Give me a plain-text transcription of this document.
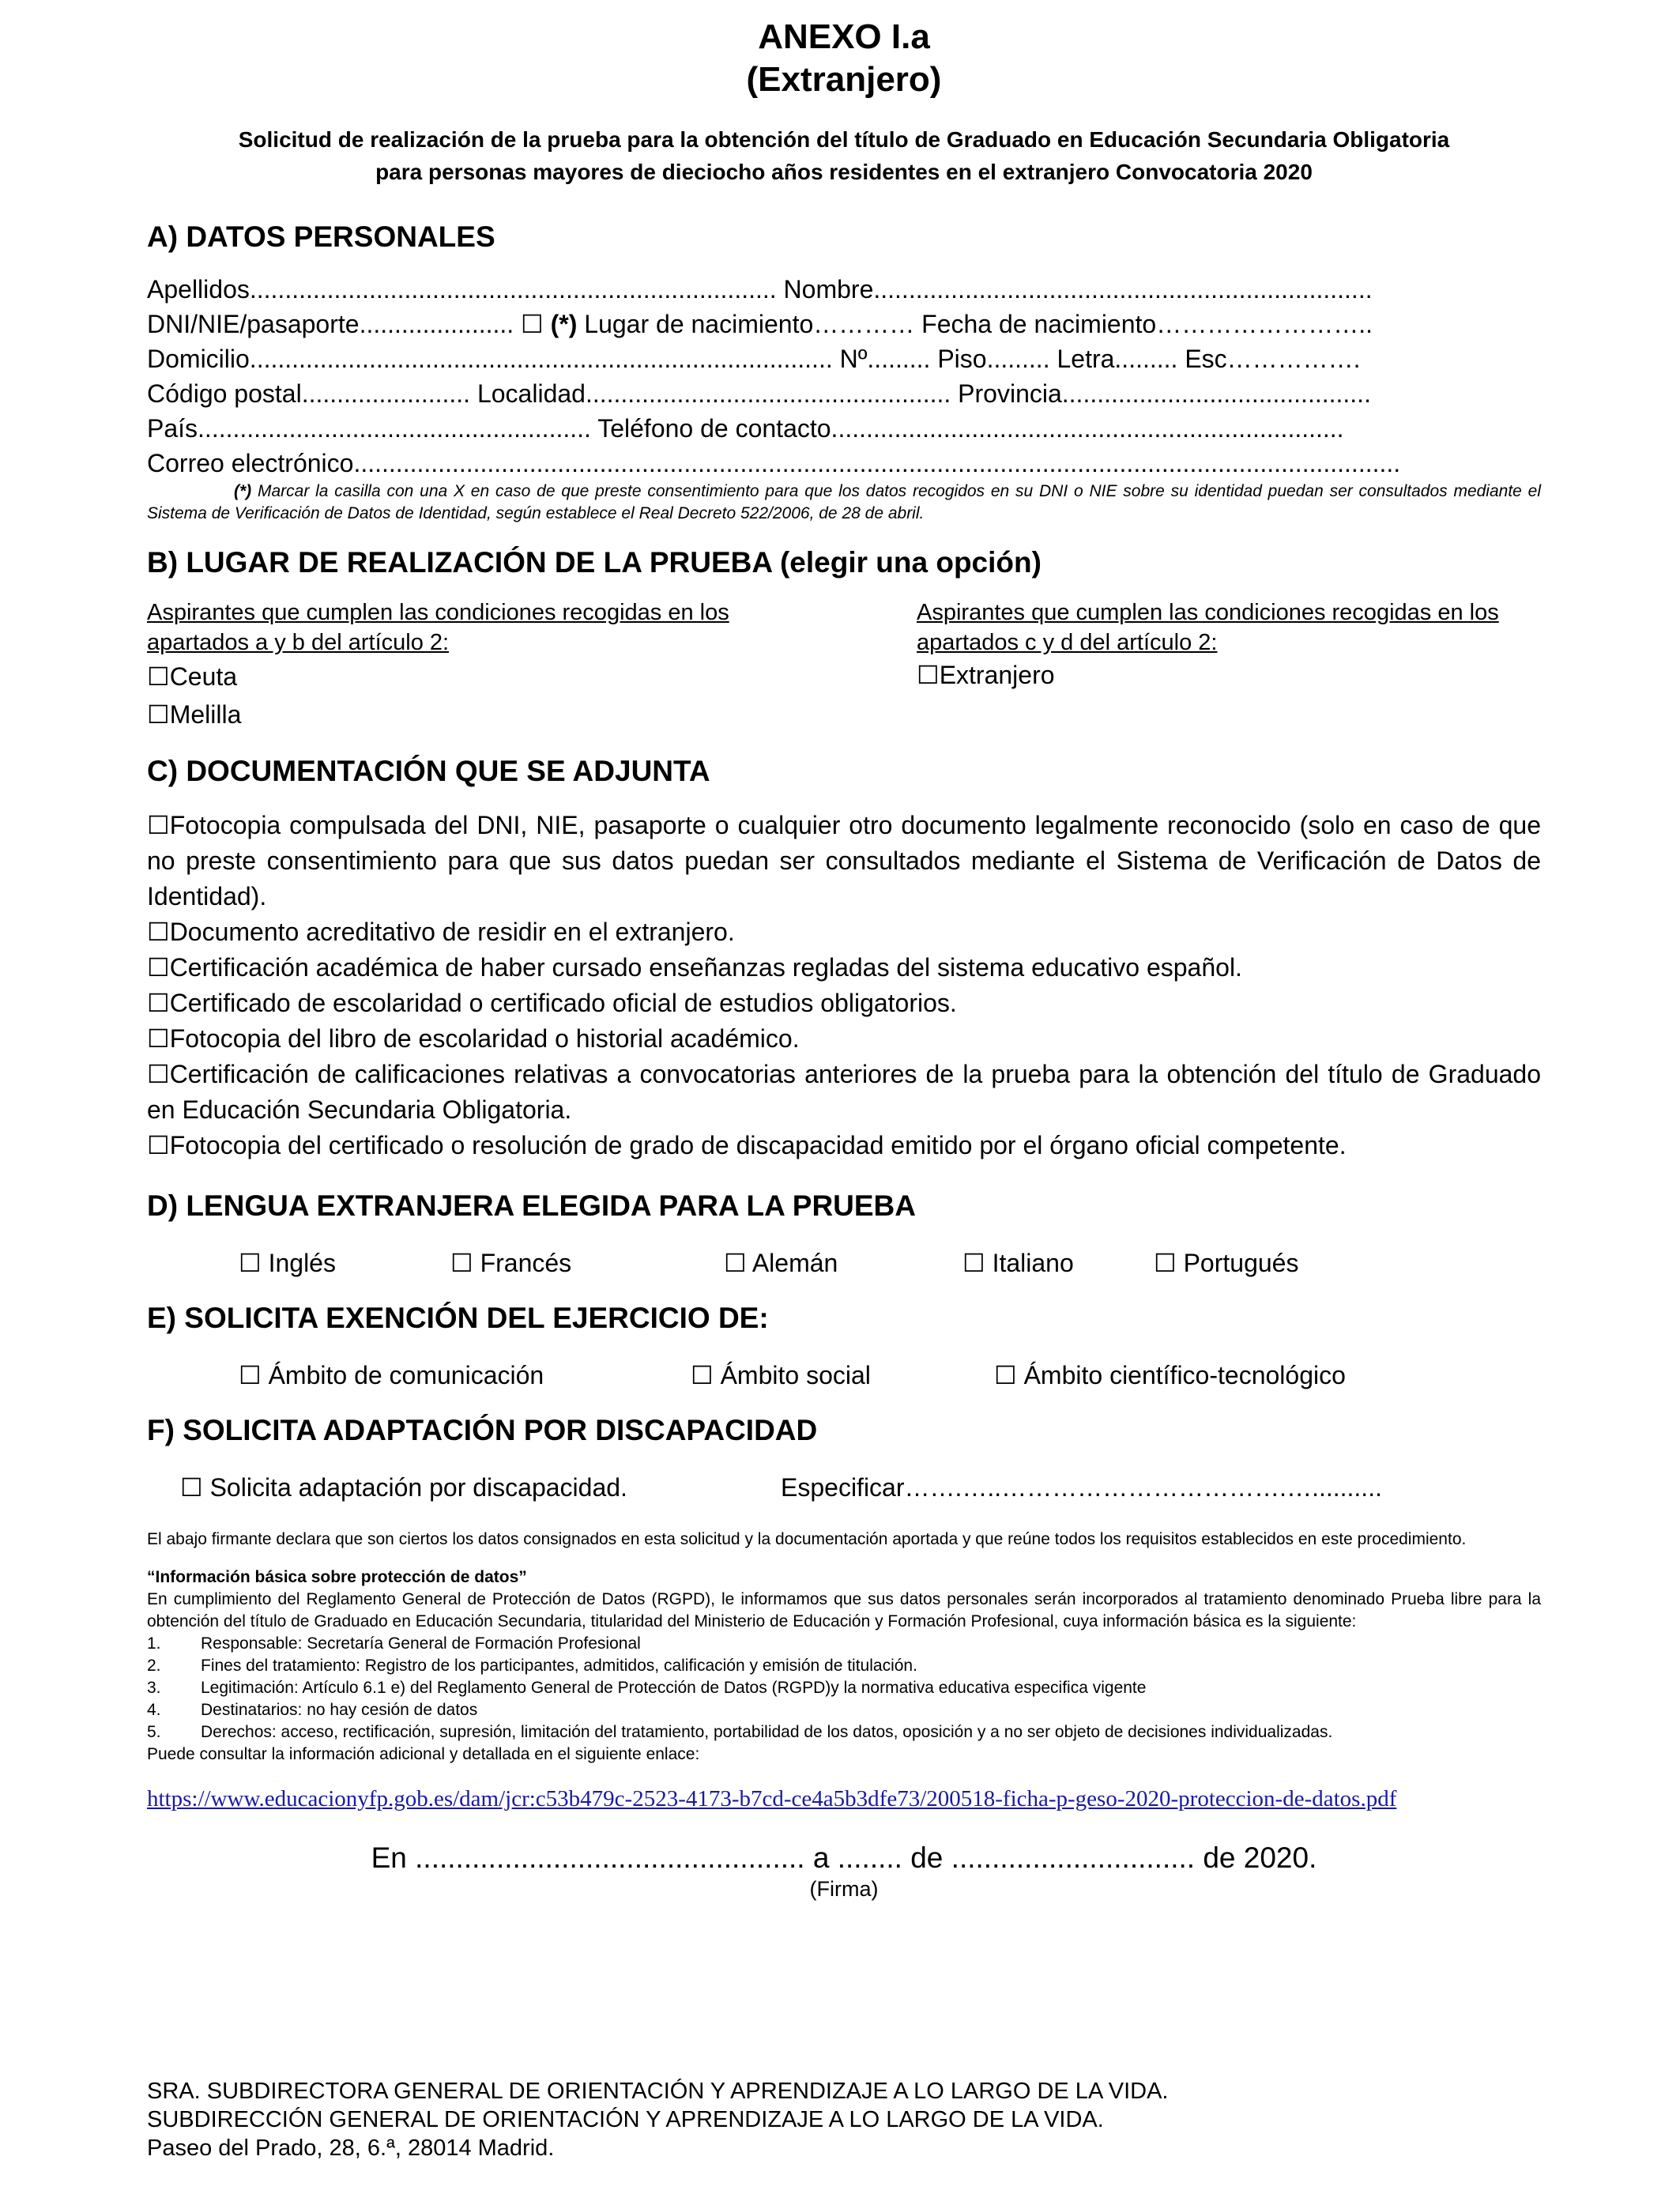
ANEXO I.a
(Extranjero)
Solicitud de realización de la prueba para la obtención del título de Graduado en Educación Secundaria Obligatoria
para personas mayores de dieciocho años residentes en el extranjero Convocatoria 2020
A) DATOS PERSONALES
Apellidos........................................................................... Nombre.......................................................................
DNI/NIE/pasaporte...................... ☐ (*) Lugar de nacimiento………… Fecha de nacimiento……………………..
Domicilio................................................................................... Nº......... Piso......... Letra......... Esc…………….
Código postal........................ Localidad.................................................... Provincia............................................
País........................................................ Teléfono de contacto.........................................................................
Correo electrónico.....................................................................................................................................................
(*) Marcar la casilla con una X en caso de que preste consentimiento para que los datos recogidos en su DNI o NIE sobre su identidad puedan ser consultados mediante el Sistema de Verificación de Datos de Identidad, según establece el Real Decreto 522/2006, de 28 de abril.
B) LUGAR DE REALIZACIÓN DE LA PRUEBA (elegir una opción)
Aspirantes que cumplen las condiciones recogidas en los apartados a y b del artículo 2:
☐Ceuta
☐Melilla
Aspirantes que cumplen las condiciones recogidas en los apartados c y d del artículo 2:
☐Extranjero
C) DOCUMENTACIÓN QUE SE ADJUNTA
☐Fotocopia compulsada del DNI, NIE, pasaporte o cualquier otro documento legalmente reconocido (solo en caso de que no preste consentimiento para que sus datos puedan ser consultados mediante el Sistema de Verificación de Datos de Identidad).
☐Documento acreditativo de residir en el extranjero.
☐Certificación académica de haber cursado enseñanzas regladas del sistema educativo español.
☐Certificado de escolaridad o certificado oficial de estudios obligatorios.
☐Fotocopia del libro de escolaridad o historial académico.
☐Certificación de calificaciones relativas a convocatorias anteriores de la prueba para la obtención del título de Graduado en Educación Secundaria Obligatoria.
☐Fotocopia del certificado o resolución de grado de discapacidad emitido por el órgano oficial competente.
D) LENGUA EXTRANJERA ELEGIDA PARA LA PRUEBA
☐ Inglés	☐ Francés	☐ Alemán	☐ Italiano	☐ Portugués
E) SOLICITA EXENCIÓN DEL EJERCICIO DE:
☐ Ámbito de comunicación	☐ Ámbito social	☐ Ámbito científico-tecnológico
F) SOLICITA ADAPTACIÓN POR DISCAPACIDAD
☐ Solicita adaptación por discapacidad.	Especificar…….…..…………………………….…..........
El abajo firmante declara que son ciertos los datos consignados en esta solicitud y la documentación aportada y que reúne todos los requisitos establecidos en este procedimiento.
“Información básica sobre protección de datos”
En cumplimiento del Reglamento General de Protección de Datos (RGPD), le informamos que sus datos personales serán incorporados al tratamiento denominado Prueba libre para la obtención del título de Graduado en Educación Secundaria, titularidad del Ministerio de Educación y Formación Profesional, cuya información básica es la siguiente:
1.	Responsable: Secretaría General de Formación Profesional
2.	Fines del tratamiento: Registro de los participantes, admitidos, calificación y emisión de titulación.
3.	Legitimación: Artículo 6.1 e) del Reglamento General de Protección de Datos (RGPD)y la normativa educativa especifica vigente
4.	Destinatarios: no hay cesión de datos
5.	Derechos: acceso, rectificación, supresión, limitación del tratamiento, portabilidad de los datos, oposición y a no ser objeto de decisiones individualizadas.
Puede consultar la información adicional y detallada en el siguiente enlace:
https://www.educacionyfp.gob.es/dam/jcr:c53b479c-2523-4173-b7cd-ce4a5b3dfe73/200518-ficha-p-geso-2020-proteccion-de-datos.pdf
En ................................................ a ........ de .............................. de 2020.
(Firma)
SRA. SUBDIRECTORA GENERAL DE ORIENTACIÓN Y APRENDIZAJE A LO LARGO DE LA VIDA.
SUBDIRECCIÓN GENERAL DE ORIENTACIÓN Y APRENDIZAJE A LO LARGO DE LA VIDA.
Paseo del Prado, 28, 6.ª, 28014 Madrid.
